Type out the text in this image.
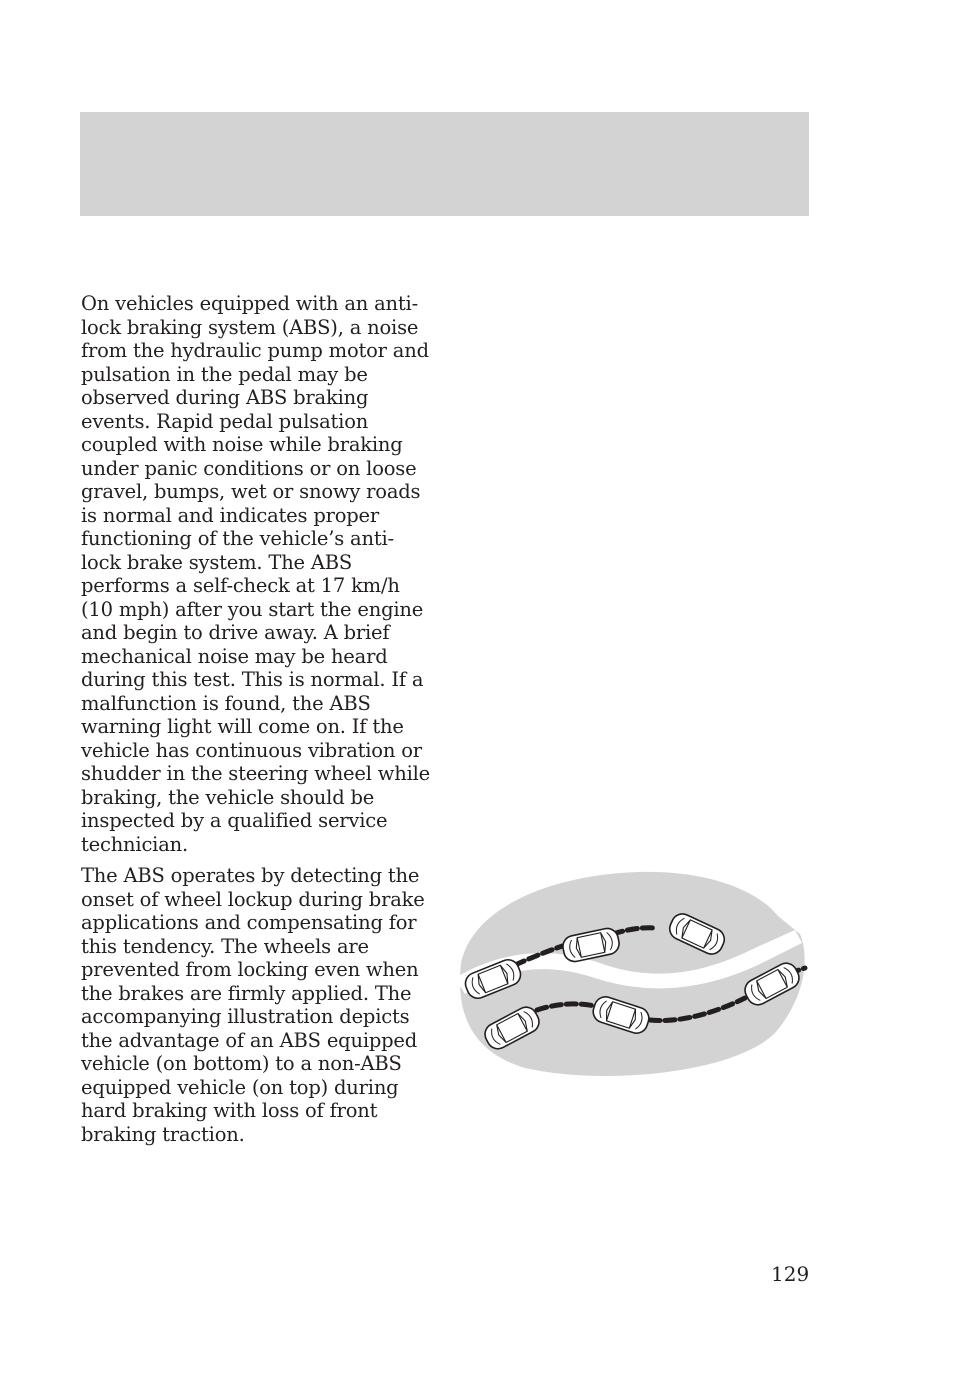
On vehicles equipped with an anti-lock braking system (ABS), a noise from the hydraulic pump motor and pulsation in the pedal may be observed during ABS braking events. Rapid pedal pulsation coupled with noise while braking under panic conditions or on loose gravel, bumps, wet or snowy roads is normal and indicates proper functioning of the vehicle’s anti-lock brake system. The ABS performs a self-check at 17 km/h (10 mph) after you start the engine and begin to drive away. A brief mechanical noise may be heard during this test. This is normal. If a malfunction is found, the ABS warning light will come on. If the vehicle has continuous vibration or shudder in the steering wheel while braking, the vehicle should be inspected by a qualified service technician.

The ABS operates by detecting the onset of wheel lockup during brake applications and compensating for this tendency. The wheels are prevented from locking even when the brakes are firmly applied. The accompanying illustration depicts the advantage of an ABS equipped vehicle (on bottom) to a non-ABS equipped vehicle (on top) during hard braking with loss of front braking traction.

129
